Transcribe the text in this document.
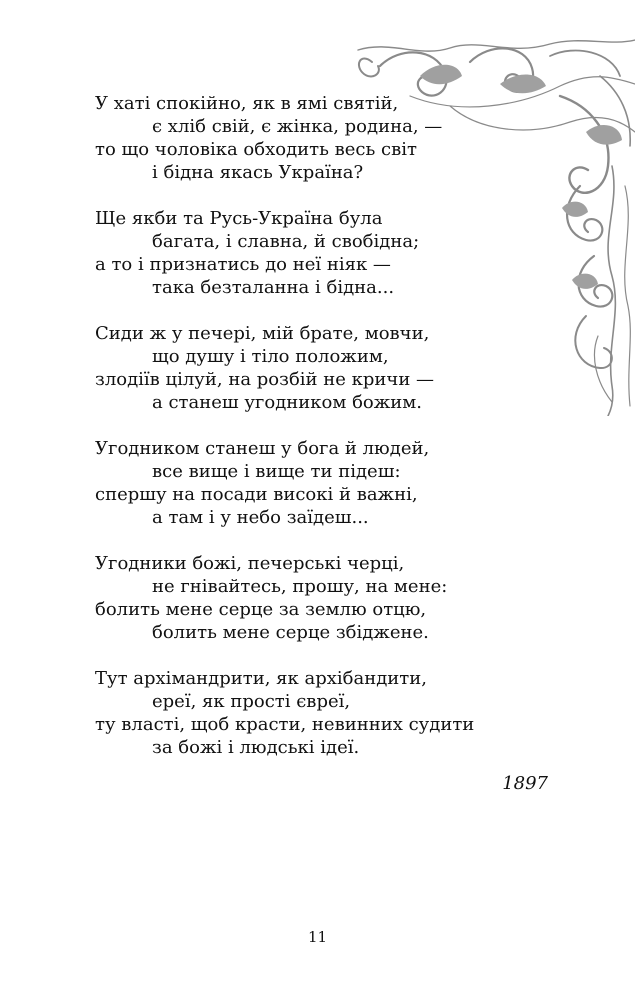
У хаті спокійно, як в ямі святій,
є хліб свій, є жінка, родина, —
то що чоловіка обходить весь світ
і бідна якась Україна?
Ще якби та Русь-Україна була
багата, і славна, й свобідна;
а то і признатись до неї ніяк —
така безталанна і бідна...
Сиди ж у печері, мій брате, мовчи,
що душу і тіло положим,
злодіїв цілуй, на розбій не кричи —
а станеш угодником божим.
Угодником станеш у бога й людей,
все вище і вище ти підеш:
спершу на посади високі й важні,
а там і у небо заїдеш...
Угодники божі, печерські черці,
не гнівайтесь, прошу, на мене:
болить мене серце за землю отцю,
болить мене серце збіджене.
Тут архімандрити, як архібандити,
ереї, як прості євреї,
ту власті, щоб красти, невинних судити
за божі і людські ідеї.
1897
11
